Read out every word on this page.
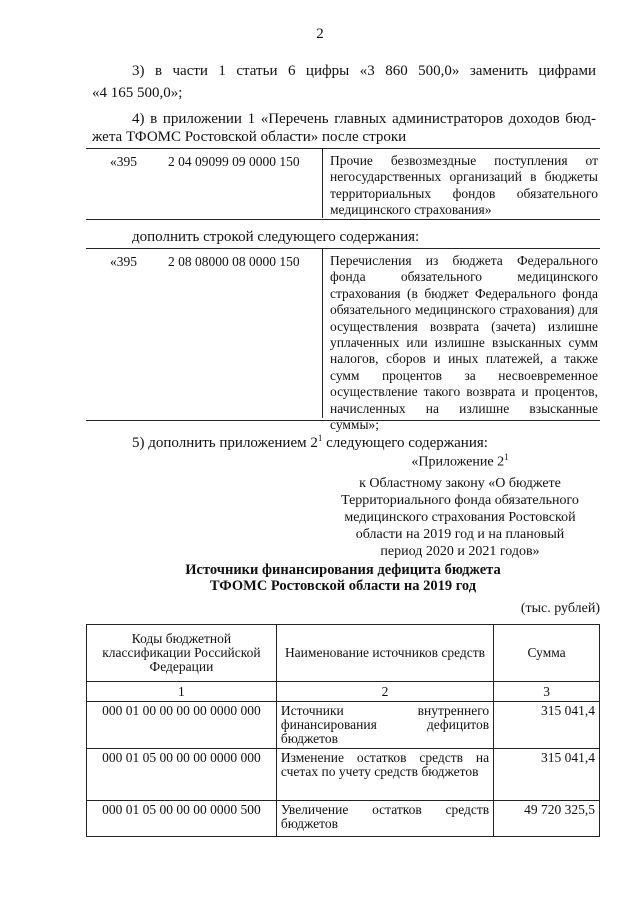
2
3) в части 1 статьи 6 цифры «3 860 500,0» заменить цифрами
«4 165 500,0»;
4) в приложении 1 «Перечень главных администраторов доходов бюд-
жета ТФОМС Ростовской области» после строки
«395 2 04 09099 09 0000 150 Прочие безвозмездные поступления от негосударственных организаций в бюджеты территориальных фондов обязательного медицинского страхования»
дополнить строкой следующего содержания:
«395 2 08 08000 08 0000 150 Перечисления из бюджета Федерального фонда обязательного медицинского страхования (в бюджет Федерального фонда обязательного медицинского страхования) для осуществления возврата (зачета) излишне уплаченных или излишне взысканных сумм налогов, сборов и иных платежей, а также сумм процентов за несвоевременное осуществление такого возврата и процентов, начисленных на излишне взысканные суммы»;
5) дополнить приложением $2^1$ следующего содержания:
«Приложение $2^1$
к Областному закону «О бюджете
Территориального фонда обязательного
медицинского страхования Ростовской
области на 2019 год и на плановый
период 2020 и 2021 годов»
Источники финансирования дефицита бюджета
ТФОМС Ростовской области на 2019 год
(тыс. рублей)
Коды бюджетной классификации Российской Федерации	Наименование источников средств	Сумма
1	2	3
000 01 00 00 00 00 0000 000	Источники внутреннего финансирования дефицитов бюджетов	315 041,4
000 01 05 00 00 00 0000 000	Изменение остатков средств на счетах по учету средств бюджетов	315 041,4
000 01 05 00 00 00 0000 500	Увеличение остатков средств бюджетов	49 720 325,5
